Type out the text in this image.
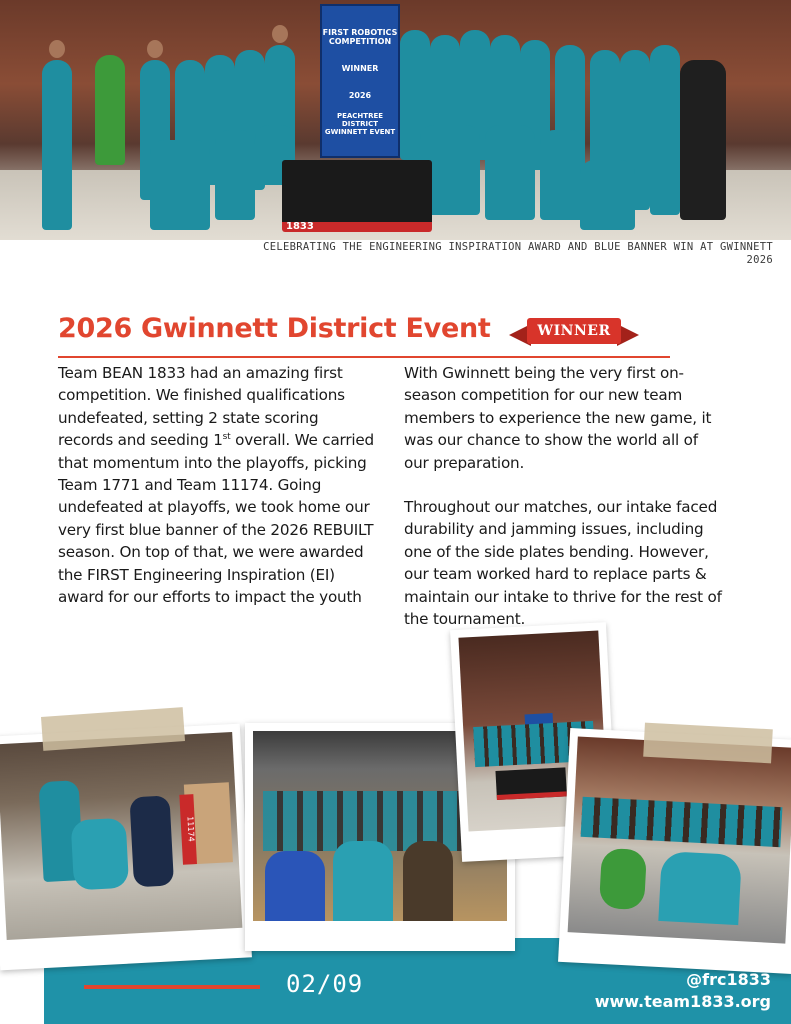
FIRST ROBOTICS COMPETITION
WINNER
2026
PEACHTREE DISTRICT GWINNETT EVENT
1833
CELEBRATING THE ENGINEERING INSPIRATION AWARD AND BLUE BANNER WIN AT GWINNETT 2026
2026 Gwinnett District Event	WINNER

Team BEAN 1833 had an amazing first competition. We finished qualifications undefeated, setting 2 state scoring records and seeding 1st overall. We carried that momentum into the playoffs, picking Team 1771 and Team 11174. Going undefeated at playoffs, we took home our very first blue banner of the 2026 REBUILT season. On top of that, we were awarded the FIRST Engineering Inspiration (EI) award for our efforts to impact the youth

With Gwinnett being the very first on-season competition for our new team members to experience the new game, it was our chance to show the world all of our preparation.

Throughout our matches, our intake faced durability and jamming issues, including one of the side plates bending. However, our team worked hard to replace parts & maintain our intake to thrive for the rest of the tournament.

11174
02/09	@frc1833
www.team1833.org
